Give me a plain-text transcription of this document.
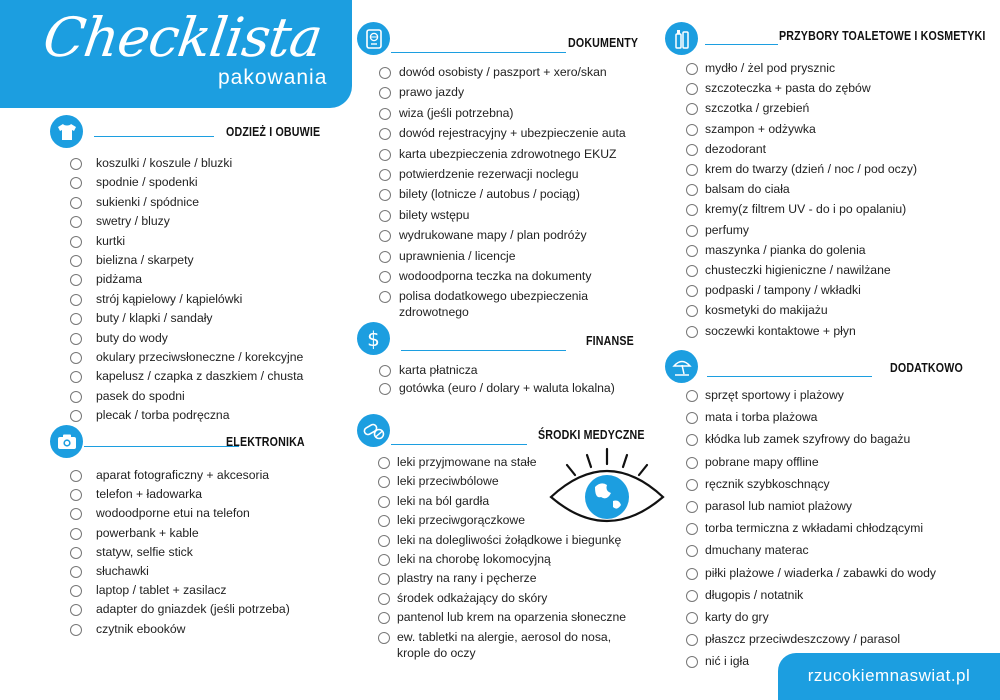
Checklista
pakowania
ODZIEŻ I OBUWIE
koszulki / koszule / bluzki
spodnie / spodenki
sukienki / spódnice
swetry / bluzy
kurtki
bielizna / skarpety
pidżama
strój kąpielowy / kąpielówki
buty / klapki / sandały
buty do wody
okulary przeciwsłoneczne / korekcyjne
kapelusz / czapka z daszkiem / chusta
pasek do spodni
plecak / torba podręczna
ELEKTRONIKA
aparat fotograficzny + akcesoria
telefon + ładowarka
wodoodporne etui na telefon
powerbank + kable
statyw, selfie stick
słuchawki
laptop / tablet + zasilacz
adapter do gniazdek (jeśli potrzeba)
czytnik ebooków
DOKUMENTY
dowód osobisty / paszport + xero/skan
prawo jazdy
wiza (jeśli potrzebna)
dowód rejestracyjny + ubezpieczenie auta
karta ubezpieczenia zdrowotnego EKUZ
potwierdzenie rezerwacji noclegu
bilety (lotnicze / autobus / pociąg)
bilety wstępu
wydrukowane mapy / plan podróży
uprawnienia / licencje
wodoodporna teczka na dokumenty
polisa dodatkowego ubezpieczenia zdrowotnego
$	FINANSE
karta płatnicza
gotówka (euro / dolary + waluta lokalna)
ŚRODKI MEDYCZNE
leki przyjmowane na stałe
leki przeciwbólowe
leki na ból gardła
leki przeciwgorączkowe
leki na dolegliwości żołądkowe i biegunkę
leki na chorobę lokomocyjną
plastry na rany i pęcherze
środek odkażający do skóry
pantenol lub krem na oparzenia słoneczne
ew. tabletki na alergie, aerosol do nosa, krople do oczy
PRZYBORY TOALETOWE I KOSMETYKI
mydło / żel pod prysznic
szczoteczka + pasta do zębów
szczotka / grzebień
szampon + odżywka
dezodorant
krem do twarzy (dzień / noc / pod oczy)
balsam do ciała
kremy(z filtrem UV - do i po opalaniu)
perfumy
maszynka / pianka do golenia
chusteczki higieniczne / nawilżane
podpaski / tampony / wkładki
kosmetyki do makijażu
soczewki kontaktowe + płyn
DODATKOWO
sprzęt sportowy i plażowy
mata i torba plażowa
kłódka lub zamek szyfrowy do bagażu
pobrane mapy offline
ręcznik szybkoschnący
parasol lub namiot plażowy
torba termiczna z wkładami chłodzącymi
dmuchany materac
piłki plażowe / wiaderka / zabawki do wody
długopis / notatnik
karty do gry
płaszcz przeciwdeszczowy / parasol
nić i igła
rzucokiemnaswiat.pl
